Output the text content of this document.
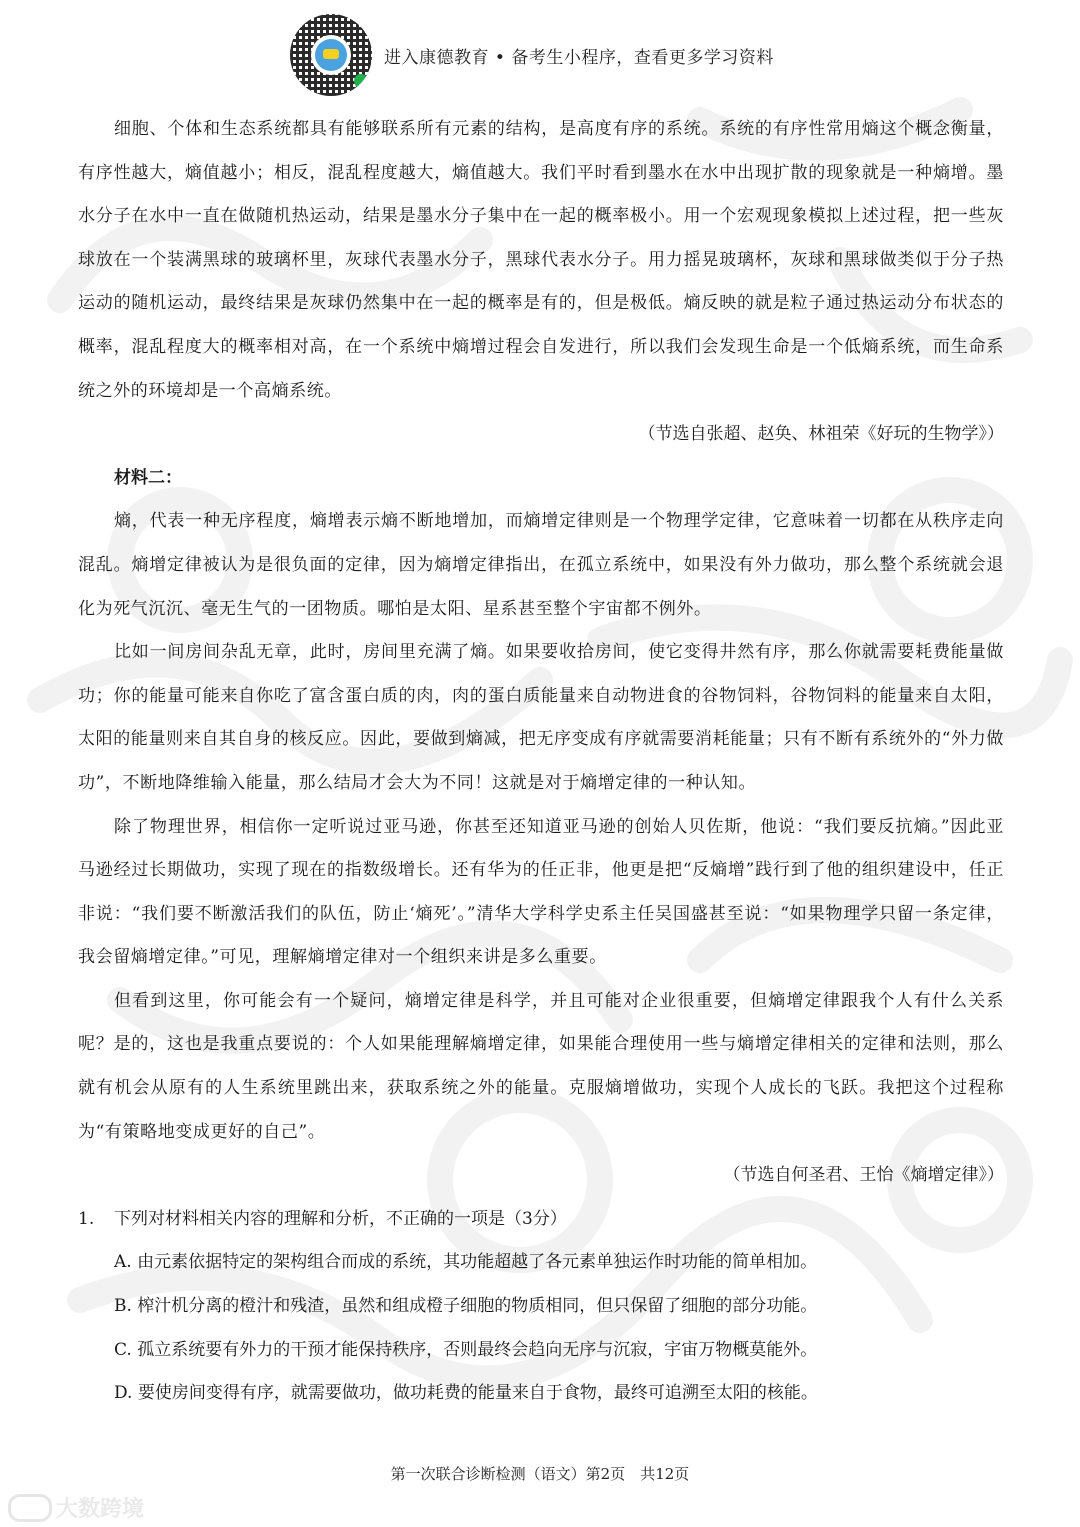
进入康德教育 • 备考生小程序，查看更多学习资料

细胞、个体和生态系统都具有能够联系所有元素的结构，是高度有序的系统。系统的有序性常用熵这个概念衡量，有序性越大，熵值越小；相反，混乱程度越大，熵值越大。我们平时看到墨水在水中出现扩散的现象就是一种熵增。墨水分子在水中一直在做随机热运动，结果是墨水分子集中在一起的概率极小。用一个宏观现象模拟上述过程，把一些灰球放在一个装满黑球的玻璃杯里，灰球代表墨水分子，黑球代表水分子。用力摇晃玻璃杯，灰球和黑球做类似于分子热运动的随机运动，最终结果是灰球仍然集中在一起的概率是有的，但是极低。熵反映的就是粒子通过热运动分布状态的概率，混乱程度大的概率相对高，在一个系统中熵增过程会自发进行，所以我们会发现生命是一个低熵系统，而生命系统之外的环境却是一个高熵系统。

（节选自张超、赵奂、林祖荣《好玩的生物学》）

材料二：

熵，代表一种无序程度，熵增表示熵不断地增加，而熵增定律则是一个物理学定律，它意味着一切都在从秩序走向混乱。熵增定律被认为是很负面的定律，因为熵增定律指出，在孤立系统中，如果没有外力做功，那么整个系统就会退化为死气沉沉、毫无生气的一团物质。哪怕是太阳、星系甚至整个宇宙都不例外。

比如一间房间杂乱无章，此时，房间里充满了熵。如果要收拾房间，使它变得井然有序，那么你就需要耗费能量做功；你的能量可能来自你吃了富含蛋白质的肉，肉的蛋白质能量来自动物进食的谷物饲料，谷物饲料的能量来自太阳，太阳的能量则来自其自身的核反应。因此，要做到熵减，把无序变成有序就需要消耗能量；只有不断有系统外的“外力做功”，不断地降维输入能量，那么结局才会大为不同！这就是对于熵增定律的一种认知。

除了物理世界，相信你一定听说过亚马逊，你甚至还知道亚马逊的创始人贝佐斯，他说：“我们要反抗熵。”因此亚马逊经过长期做功，实现了现在的指数级增长。还有华为的任正非，他更是把“反熵增”践行到了他的组织建设中，任正非说：“我们要不断激活我们的队伍，防止‘熵死’。”清华大学科学史系主任吴国盛甚至说：“如果物理学只留一条定律，我会留熵增定律。”可见，理解熵增定律对一个组织来讲是多么重要。

但看到这里，你可能会有一个疑问，熵增定律是科学，并且可能对企业很重要，但熵增定律跟我个人有什么关系呢？是的，这也是我重点要说的：个人如果能理解熵增定律，如果能合理使用一些与熵增定律相关的定律和法则，那么就有机会从原有的人生系统里跳出来，获取系统之外的能量。克服熵增做功，实现个人成长的飞跃。我把这个过程称为“有策略地变成更好的自己”。

（节选自何圣君、王怡《熵增定律》）

1.	下列对材料相关内容的理解和分析，不正确的一项是（3分）

A. 由元素依据特定的架构组合而成的系统，其功能超越了各元素单独运作时功能的简单相加。

B. 榨汁机分离的橙汁和残渣，虽然和组成橙子细胞的物质相同，但只保留了细胞的部分功能。

C. 孤立系统要有外力的干预才能保持秩序，否则最终会趋向无序与沉寂，宇宙万物概莫能外。

D. 要使房间变得有序，就需要做功，做功耗费的能量来自于食物，最终可追溯至太阳的核能。

第一次联合诊断检测（语文）第2页　共12页
大数跨境
